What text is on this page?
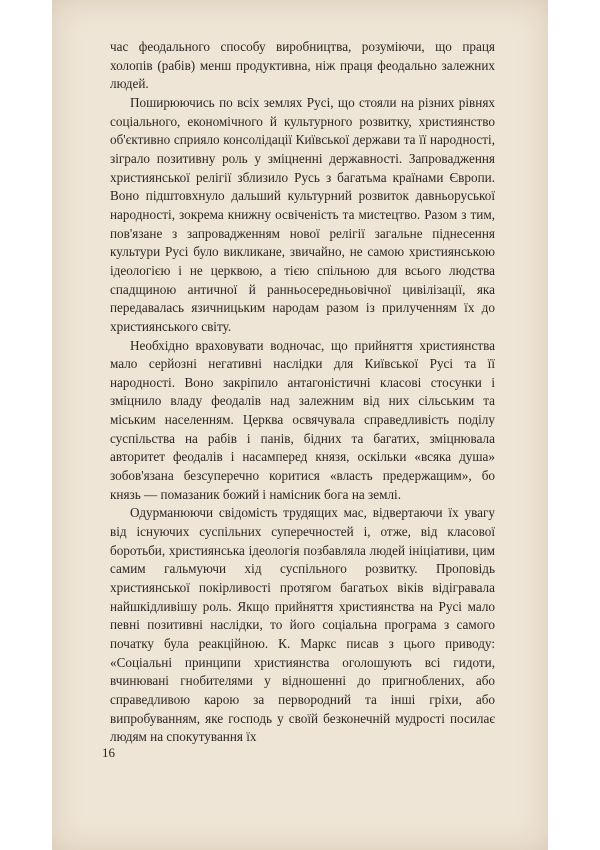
час феодального способу виробництва, розуміючи, що праця холопів (рабів) менш продуктивна, ніж праця феодально залежних людей.

Поширюючись по всіх землях Русі, що стояли на різних рівнях соціального, економічного й культурного розвитку, християнство об'єктивно сприяло консолідації Київської держави та її народності, зіграло позитивну роль у зміцненні державності. Запровадження християнської релігії зблизило Русь з багатьма країнами Європи. Воно підштовхнуло дальший культурний розвиток давньоруської народності, зокрема книжну освіченість та мистецтво. Разом з тим, пов'язане з запровадженням нової релігії загальне піднесення культури Русі було викликане, звичайно, не самою християнською ідеологією і не церквою, а тією спільною для всього людства спадщиною античної й ранньосередньовічної цивілізації, яка передавалась язичницьким народам разом із прилученням їх до християнського світу.

Необхідно враховувати водночас, що прийняття християнства мало серйозні негативні наслідки для Київської Русі та її народності. Воно закріпило антагоністичні класові стосунки і зміцнило владу феодалів над залежним від них сільським та міським населенням. Церква освячувала справедливість поділу суспільства на рабів і панів, бідних та багатих, зміцнювала авторитет феодалів і насамперед князя, оскільки «всяка душа» зобов'язана безсуперечно коритися «власть предержащим», бо князь — помазаник божий і намісник бога на землі.

Одурманюючи свідомість трудящих мас, відвертаючи їх увагу від існуючих суспільних суперечностей і, отже, від класової боротьби, християнська ідеологія позбавляла людей ініціативи, цим самим гальмуючи хід суспільного розвитку. Проповідь християнської покірливості протягом багатьох віків відігравала найшкідливішу роль. Якщо прийняття християнства на Русі мало певні позитивні наслідки, то його соціальна програма з самого початку була реакційною. К. Маркс писав з цього приводу: «Соціальні принципи християнства оголошують всі гидоти, вчинювані гнобителями у відношенні до пригноблених, або справедливою карою за первородний та інші гріхи, або випробуванням, яке господь у своїй безконечній мудрості посилає людям на спокутування їх

16
